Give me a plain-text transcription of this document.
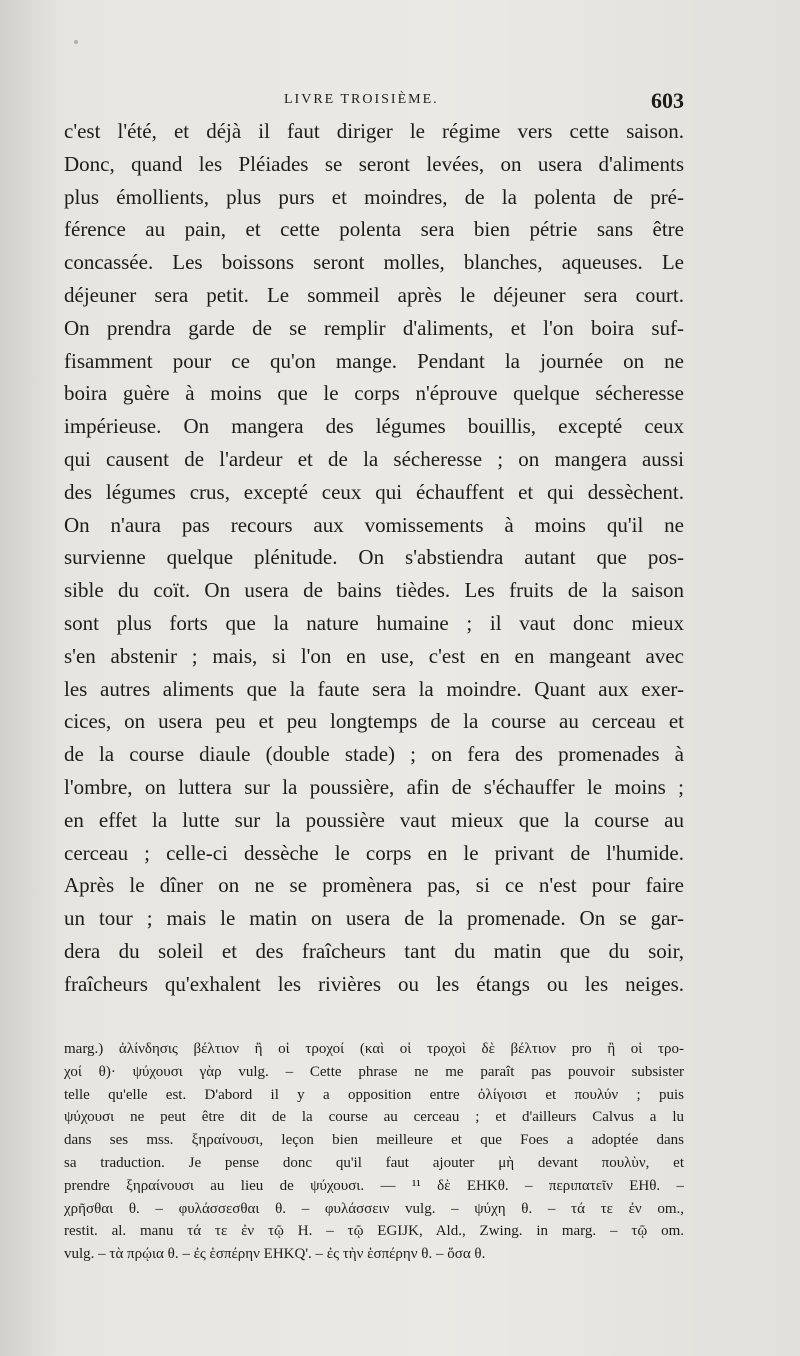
LIVRE TROISIÈME.	603
c'est l'été, et déjà il faut diriger le régime vers cette saison.
Donc, quand les Pléiades se seront levées, on usera d'aliments
plus émollients, plus purs et moindres, de la polenta de pré-
férence au pain, et cette polenta sera bien pétrie sans être
concassée. Les boissons seront molles, blanches, aqueuses. Le
déjeuner sera petit. Le sommeil après le déjeuner sera court.
On prendra garde de se remplir d'aliments, et l'on boira suf-
fisamment pour ce qu'on mange. Pendant la journée on ne
boira guère à moins que le corps n'éprouve quelque sécheresse
impérieuse. On mangera des légumes bouillis, excepté ceux
qui causent de l'ardeur et de la sécheresse ; on mangera aussi
des légumes crus, excepté ceux qui échauffent et qui dessèchent.
On n'aura pas recours aux vomissements à moins qu'il ne
survienne quelque plénitude. On s'abstiendra autant que pos-
sible du coït. On usera de bains tièdes. Les fruits de la saison
sont plus forts que la nature humaine ; il vaut donc mieux
s'en abstenir ; mais, si l'on en use, c'est en en mangeant avec
les autres aliments que la faute sera la moindre. Quant aux exer-
cices, on usera peu et peu longtemps de la course au cerceau et
de la course diaule (double stade) ; on fera des promenades à
l'ombre, on luttera sur la poussière, afin de s'échauffer le moins ;
en effet la lutte sur la poussière vaut mieux que la course au
cerceau ; celle-ci dessèche le corps en le privant de l'humide.
Après le dîner on ne se promènera pas, si ce n'est pour faire
un tour ; mais le matin on usera de la promenade. On se gar-
dera du soleil et des fraîcheurs tant du matin que du soir,
fraîcheurs qu'exhalent les rivières ou les étangs ou les neiges.
marg.) ἀλίνδησις βέλτιον ἢ οἱ τροχοί (καὶ οἱ τροχοὶ δὲ βέλτιον pro ἢ οἱ τρο-
χοί θ)· ψύχουσι γὰρ vulg. – Cette phrase ne me paraît pas pouvoir subsister
telle qu'elle est. D'abord il y a opposition entre ὀλίγοισι et πουλύν ; puis
ψύχουσι ne peut être dit de la course au cerceau ; et d'ailleurs Calvus a lu
dans ses mss. ξηραίνουσι, leçon bien meilleure et que Foes a adoptée dans
sa traduction. Je pense donc qu'il faut ajouter μὴ devant πουλὺν, et
prendre ξηραίνουσι au lieu de ψύχουσι. — ¹¹ δὲ EHKθ. – περιπατεῖν EHθ. –
χρῆσθαι θ. – φυλάσσεσθαι θ. – φυλάσσειν vulg. – ψύχη θ. – τά τε ἐν om.,
restit. al. manu τά τε ἐν τῷ H. – τῷ EGIJK, Ald., Zwing. in marg. – τῷ om.
vulg. – τὰ πρῴια θ. – ἐς ἑσπέρην EHKQ'. – ἐς τὴν ἑσπέρην θ. – ὅσα θ.
